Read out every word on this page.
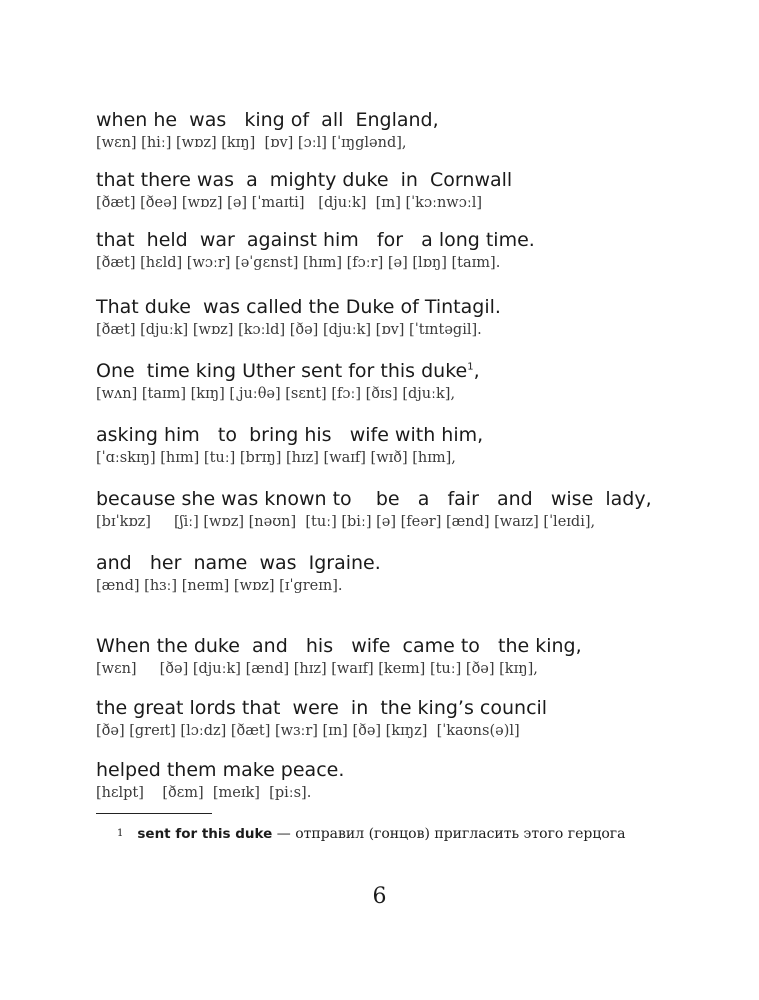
when he  was   king of  all  England,
[wɛn] [hiː] [wɒz] [kɪŋ]  [ɒv] [ɔːl] [ˈɪŋglənd],
that there was  a  mighty duke  in  Cornwall
[ðæt] [ðeə] [wɒz] [ə] [ˈmaɪti]   [djuːk]  [ɪn] [ˈkɔːnwɔːl]
that  held  war  against him   for   a long time.
[ðæt] [hɛld] [wɔːr] [əˈgɛnst] [hɪm] [fɔːr] [ə] [lɒŋ] [taɪm].
That duke  was called the Duke of Tintagil.
[ðæt] [djuːk] [wɒz] [kɔːld] [ðə] [djuːk] [ɒv] [ˈtɪntəgil].
One  time king Uther sent for this duke$^1$,
[wʌn] [taɪm] [kɪŋ] [ˌjuːθə] [sɛnt] [fɔː] [ðɪs] [djuːk],
asking him   to  bring his   wife with him,
[ˈɑːskɪŋ] [hɪm] [tuː] [brɪŋ] [hɪz] [waɪf] [wɪð] [hɪm],
because she was known to    be   a   fair   and   wise  lady,
[bɪˈkɒz]     [ʃiː] [wɒz] [nəʊn]  [tuː] [biː] [ə] [feər] [ænd] [waɪz] [ˈleɪdi],
and   her  name  was  Igraine.
[ænd] [hɜː] [neɪm] [wɒz] [ɪˈgreɪn].
When the duke  and   his   wife  came to   the king,
[wɛn]     [ðə] [djuːk] [ænd] [hɪz] [waɪf] [keɪm] [tuː] [ðə] [kɪŋ],
the great lords that  were  in  the king’s council
[ðə] [greɪt] [lɔːdz] [ðæt] [wɜːr] [ɪn] [ðə] [kɪŋz]  [ˈkaʊns(ə)l]
helped them make peace.
[hɛlpt]    [ðɛm]  [meɪk]  [piːs].
$^1$ sent for this duke — отправил (гонцов) пригласить этого герцога
6
